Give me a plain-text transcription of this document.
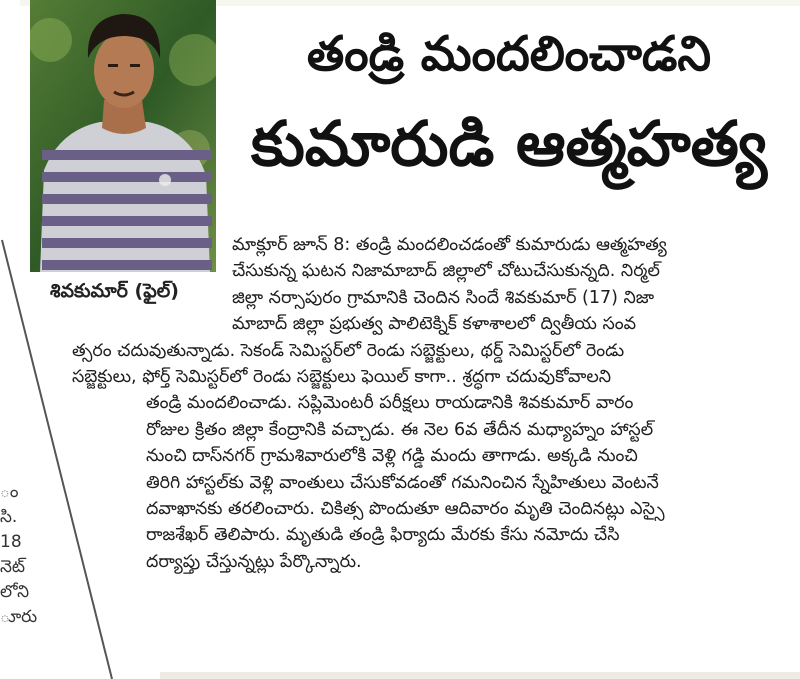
శివకుమార్ (ఫైల్)
ం
సి.
18
నెట్
లోని
ూరు
తండ్రి మందలించాడని
కుమారుడి ఆత్మహత్య
మాక్లూర్ జూన్ 8: తండ్రి మందలించడంతో కుమారుడు ఆత్మహత్య
చేసుకున్న ఘటన నిజామాబాద్ జిల్లాలో చోటుచేసుకున్నది. నిర్మల్
జిల్లా నర్సాపురం గ్రామానికి చెందిన సిందే శివకుమార్ (17) నిజా
మాబాద్ జిల్లా ప్రభుత్వ పాలిటెక్నిక్ కళాశాలలో ద్వితీయ సంవ
త్సరం చదువుతున్నాడు. సెకండ్ సెమిస్టర్‌లో రెండు సబ్జెక్టులు, థర్డ్ సెమిస్టర్‌లో రెండు
సబ్జెక్టులు, ఫోర్త్ సెమిస్టర్‌లో రెండు సబ్జెక్టులు ఫెయిల్ కాగా.. శ్రద్ధగా చదువుకోవాలని
తండ్రి మందలించాడు. సప్లిమెంటరీ పరీక్షలు రాయడానికి శివకుమార్ వారం
రోజుల క్రితం జిల్లా కేంద్రానికి వచ్చాడు. ఈ నెల 6వ తేదీన మధ్యాహ్నం హాస్టల్
నుంచి దాస్‌నగర్ గ్రామశివారులోకి వెళ్లి గడ్డి మందు తాగాడు. అక్కడి నుంచి
తిరిగి హాస్టల్‌కు వెళ్లి వాంతులు చేసుకోవడంతో గమనించిన స్నేహితులు వెంటనే
దవాఖానకు తరలించారు. చికిత్స పొందుతూ ఆదివారం మృతి చెందినట్లు ఎస్సై
రాజశేఖర్ తెలిపారు. మృతుడి తండ్రి ఫిర్యాదు మేరకు కేసు నమోదు చేసి
దర్యాప్తు చేస్తున్నట్లు పేర్కొన్నారు.
